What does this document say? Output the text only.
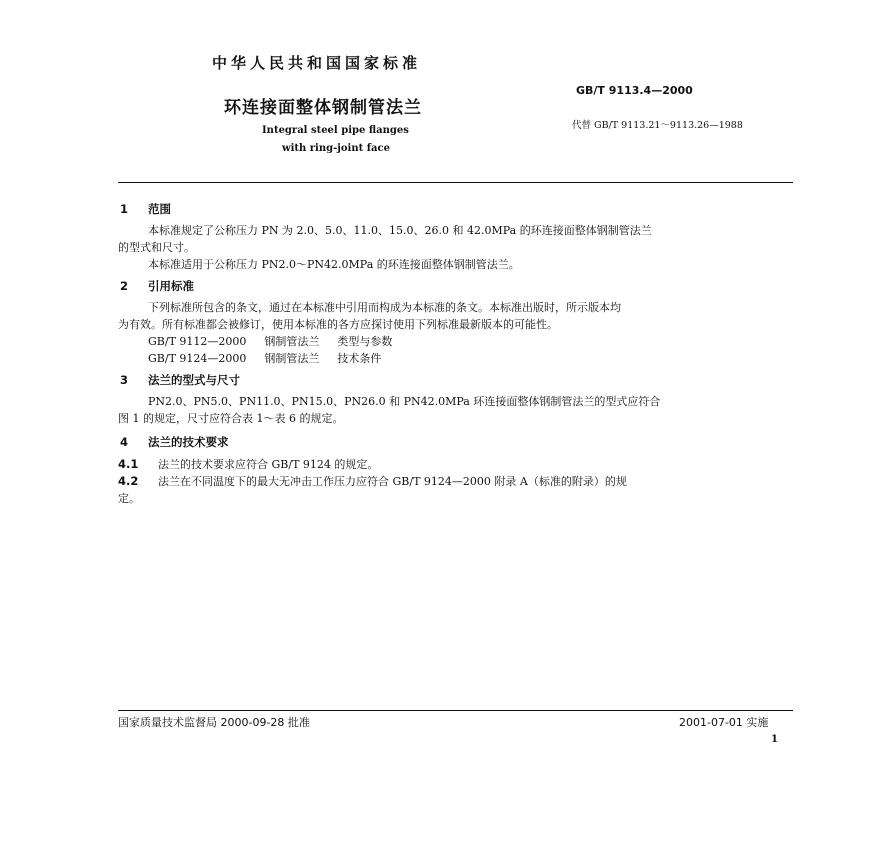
中华人民共和国国家标准
GB/T 9113.4—2000
环连接面整体钢制管法兰
代替 GB/T 9113.21～9113.26—1988
Integral steel pipe flanges
with ring-joint face
1 范围
本标准规定了公称压力 PN 为 2.0、5.0、11.0、15.0、26.0 和 42.0MPa 的环连接面整体钢制管法兰
的型式和尺寸。
本标准适用于公称压力 PN2.0～PN42.0MPa 的环连接面整体钢制管法兰。
2 引用标准
下列标准所包含的条文，通过在本标准中引用而构成为本标准的条文。本标准出版时，所示版本均
为有效。所有标准都会被修订，使用本标准的各方应探讨使用下列标准最新版本的可能性。
GB/T 9112—2000 钢制管法兰 类型与参数
GB/T 9124—2000 钢制管法兰 技术条件
3 法兰的型式与尺寸
PN2.0、PN5.0、PN11.0、PN15.0、PN26.0 和 PN42.0MPa 环连接面整体钢制管法兰的型式应符合
图 1 的规定，尺寸应符合表 1～表 6 的规定。
4 法兰的技术要求
4.1 法兰的技术要求应符合 GB/T 9124 的规定。
4.2 法兰在不同温度下的最大无冲击工作压力应符合 GB/T 9124—2000 附录 A（标准的附录）的规
定。
国家质量技术监督局 2000-09-28 批准	2001-07-01 实施
1
